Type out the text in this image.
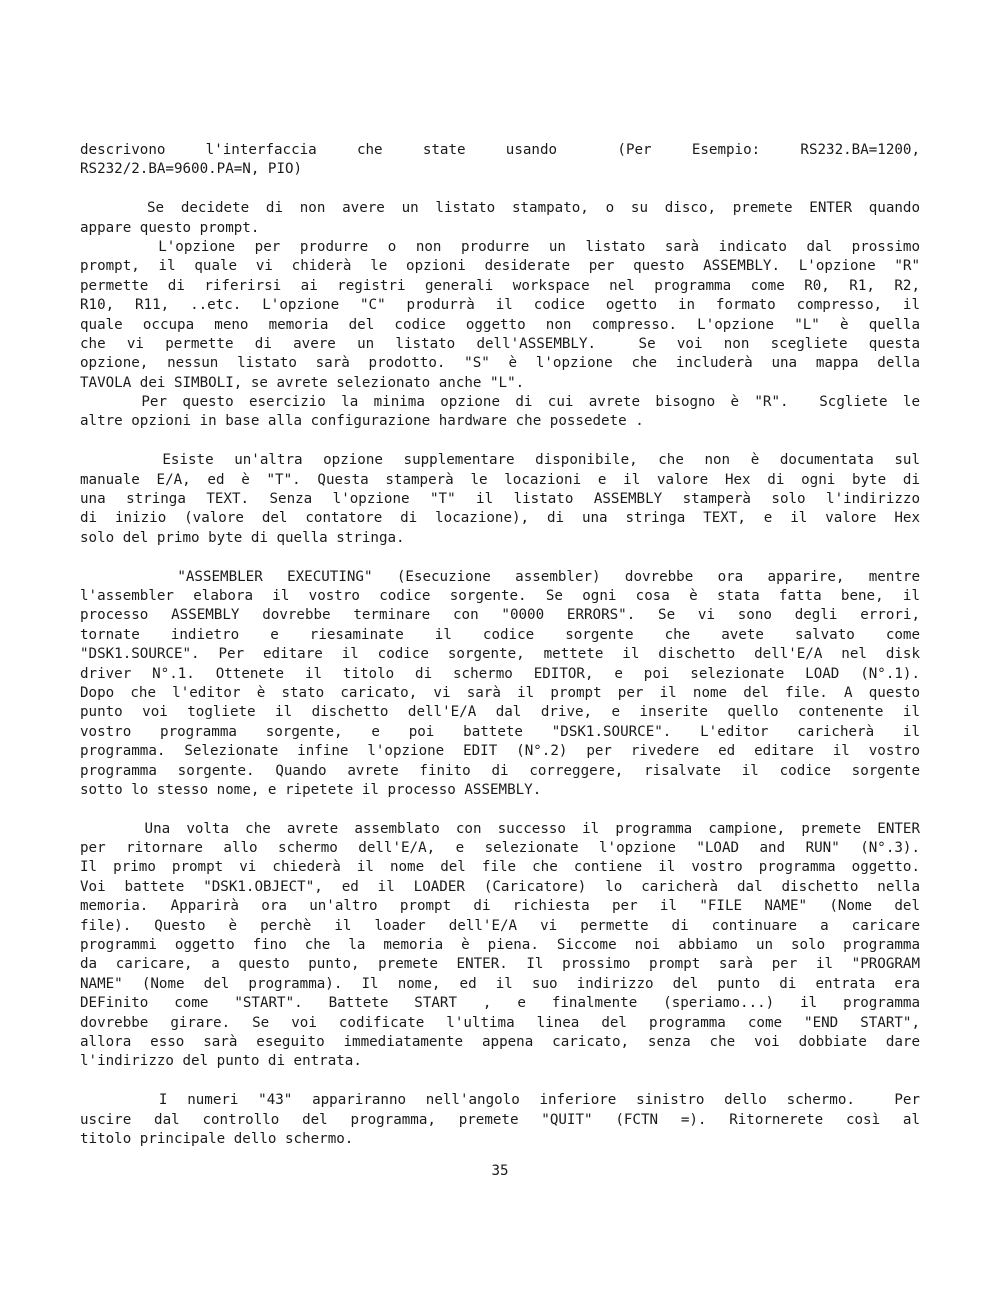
descrivono  l'interfaccia  che  state  usando   (Per  Esempio:  RS232.BA=1200,
RS232/2.BA=9600.PA=N, PIO)
Se decidete di non avere un listato stampato, o su disco, premete ENTER quando
appare questo prompt.
L'opzione per produrre o non produrre un listato sarà indicato dal prossimo
prompt, il quale vi chiderà le opzioni desiderate per questo ASSEMBLY. L'opzione "R"
permette di riferirsi ai registri generali workspace nel programma come R0, R1, R2,
R10, R11, ..etc. L'opzione "C" produrrà il codice ogetto in formato compresso, il
quale occupa meno memoria del codice oggetto non compresso. L'opzione "L" è quella
che vi permette di avere un listato dell'ASSEMBLY.  Se voi non scegliete questa
opzione, nessun listato sarà prodotto. "S" è l'opzione che includerà una mappa della
TAVOLA dei SIMBOLI, se avrete selezionato anche "L".
Per questo esercizio la minima opzione di cui avrete bisogno è "R".  Scgliete le
altre opzioni in base alla configurazione hardware che possedete .
Esiste un'altra opzione supplementare disponibile, che non è documentata sul
manuale E/A, ed è "T". Questa stamperà le locazioni e il valore Hex di ogni byte di
una stringa TEXT. Senza l'opzione "T" il listato ASSEMBLY stamperà solo l'indirizzo
di inizio (valore del contatore di locazione), di una stringa TEXT, e il valore Hex
solo del primo byte di quella stringa.
"ASSEMBLER EXECUTING" (Esecuzione assembler) dovrebbe ora apparire, mentre
l'assembler elabora il vostro codice sorgente. Se ogni cosa è stata fatta bene, il
processo ASSEMBLY dovrebbe terminare con "0000 ERRORS". Se vi sono degli errori,
tornate indietro e riesaminate il codice sorgente che avete salvato come
"DSK1.SOURCE". Per editare il codice sorgente, mettete il dischetto dell'E/A nel disk
driver N°.1. Ottenete il titolo di schermo EDITOR, e poi selezionate LOAD (N°.1).
Dopo che l'editor è stato caricato, vi sarà il prompt per il nome del file. A questo
punto voi togliete il dischetto dell'E/A dal drive, e inserite quello contenente il
vostro programma sorgente, e poi battete "DSK1.SOURCE". L'editor caricherà il
programma. Selezionate infine l'opzione EDIT (N°.2) per rivedere ed editare il vostro
programma sorgente. Quando avrete finito di correggere, risalvate il codice sorgente
sotto lo stesso nome, e ripetete il processo ASSEMBLY.
Una volta che avrete assemblato con successo il programma campione, premete ENTER
per ritornare allo schermo dell'E/A, e selezionate l'opzione "LOAD and RUN" (N°.3).
Il primo prompt vi chiederà il nome del file che contiene il vostro programma oggetto.
Voi battete "DSK1.OBJECT", ed il LOADER (Caricatore) lo caricherà dal dischetto nella
memoria. Apparirà ora un'altro prompt di richiesta per il "FILE NAME" (Nome del
file). Questo è perchè il loader dell'E/A vi permette di continuare a caricare
programmi oggetto fino che la memoria è piena. Siccome noi abbiamo un solo programma
da caricare, a questo punto, premete ENTER. Il prossimo prompt sarà per il "PROGRAM
NAME" (Nome del programma). Il nome, ed il suo indirizzo del punto di entrata era
DEFinito come "START". Battete START , e finalmente (speriamo...) il programma
dovrebbe girare. Se voi codificate l'ultima linea del programma come "END START",
allora esso sarà eseguito immediatamente appena caricato, senza che voi dobbiate dare
l'indirizzo del punto di entrata.
I numeri "43" appariranno nell'angolo inferiore sinistro dello schermo.  Per
uscire dal controllo del programma, premete "QUIT" (FCTN =). Ritornerete così al
titolo principale dello schermo.
35
